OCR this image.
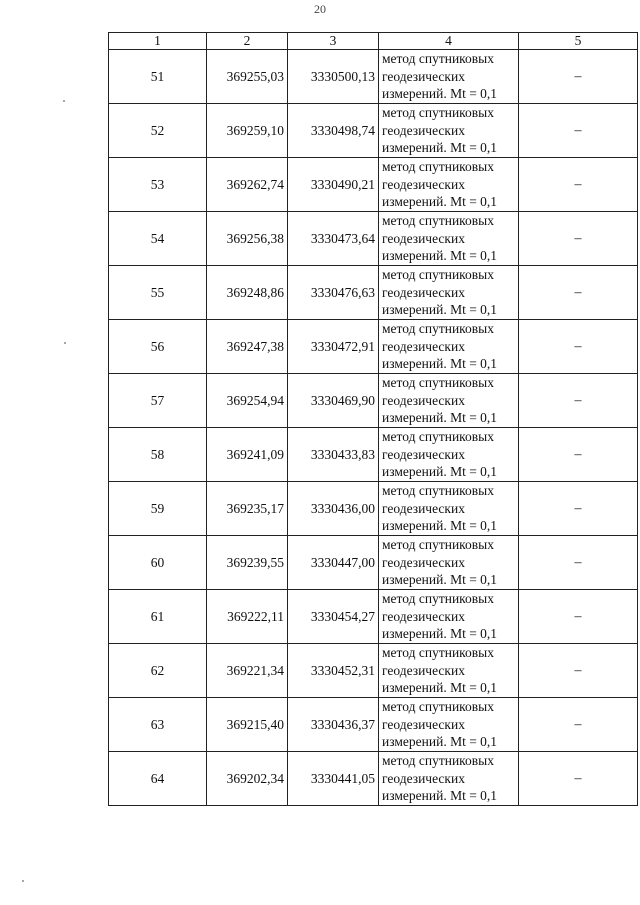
20
1	2	3	4	5
51	369255,03	3330500,13	метод спутниковых
геодезических
измерений. Mt = 0,1	–
52	369259,10	3330498,74	метод спутниковых
геодезических
измерений. Mt = 0,1	–
53	369262,74	3330490,21	метод спутниковых
геодезических
измерений. Mt = 0,1	–
54	369256,38	3330473,64	метод спутниковых
геодезических
измерений. Mt = 0,1	–
55	369248,86	3330476,63	метод спутниковых
геодезических
измерений. Mt = 0,1	–
56	369247,38	3330472,91	метод спутниковых
геодезических
измерений. Mt = 0,1	–
57	369254,94	3330469,90	метод спутниковых
геодезических
измерений. Mt = 0,1	–
58	369241,09	3330433,83	метод спутниковых
геодезических
измерений. Mt = 0,1	–
59	369235,17	3330436,00	метод спутниковых
геодезических
измерений. Mt = 0,1	–
60	369239,55	3330447,00	метод спутниковых
геодезических
измерений. Mt = 0,1	–
61	369222,11	3330454,27	метод спутниковых
геодезических
измерений. Mt = 0,1	–
62	369221,34	3330452,31	метод спутниковых
геодезических
измерений. Mt = 0,1	–
63	369215,40	3330436,37	метод спутниковых
геодезических
измерений. Mt = 0,1	–
64	369202,34	3330441,05	метод спутниковых
геодезических
измерений. Mt = 0,1	–
